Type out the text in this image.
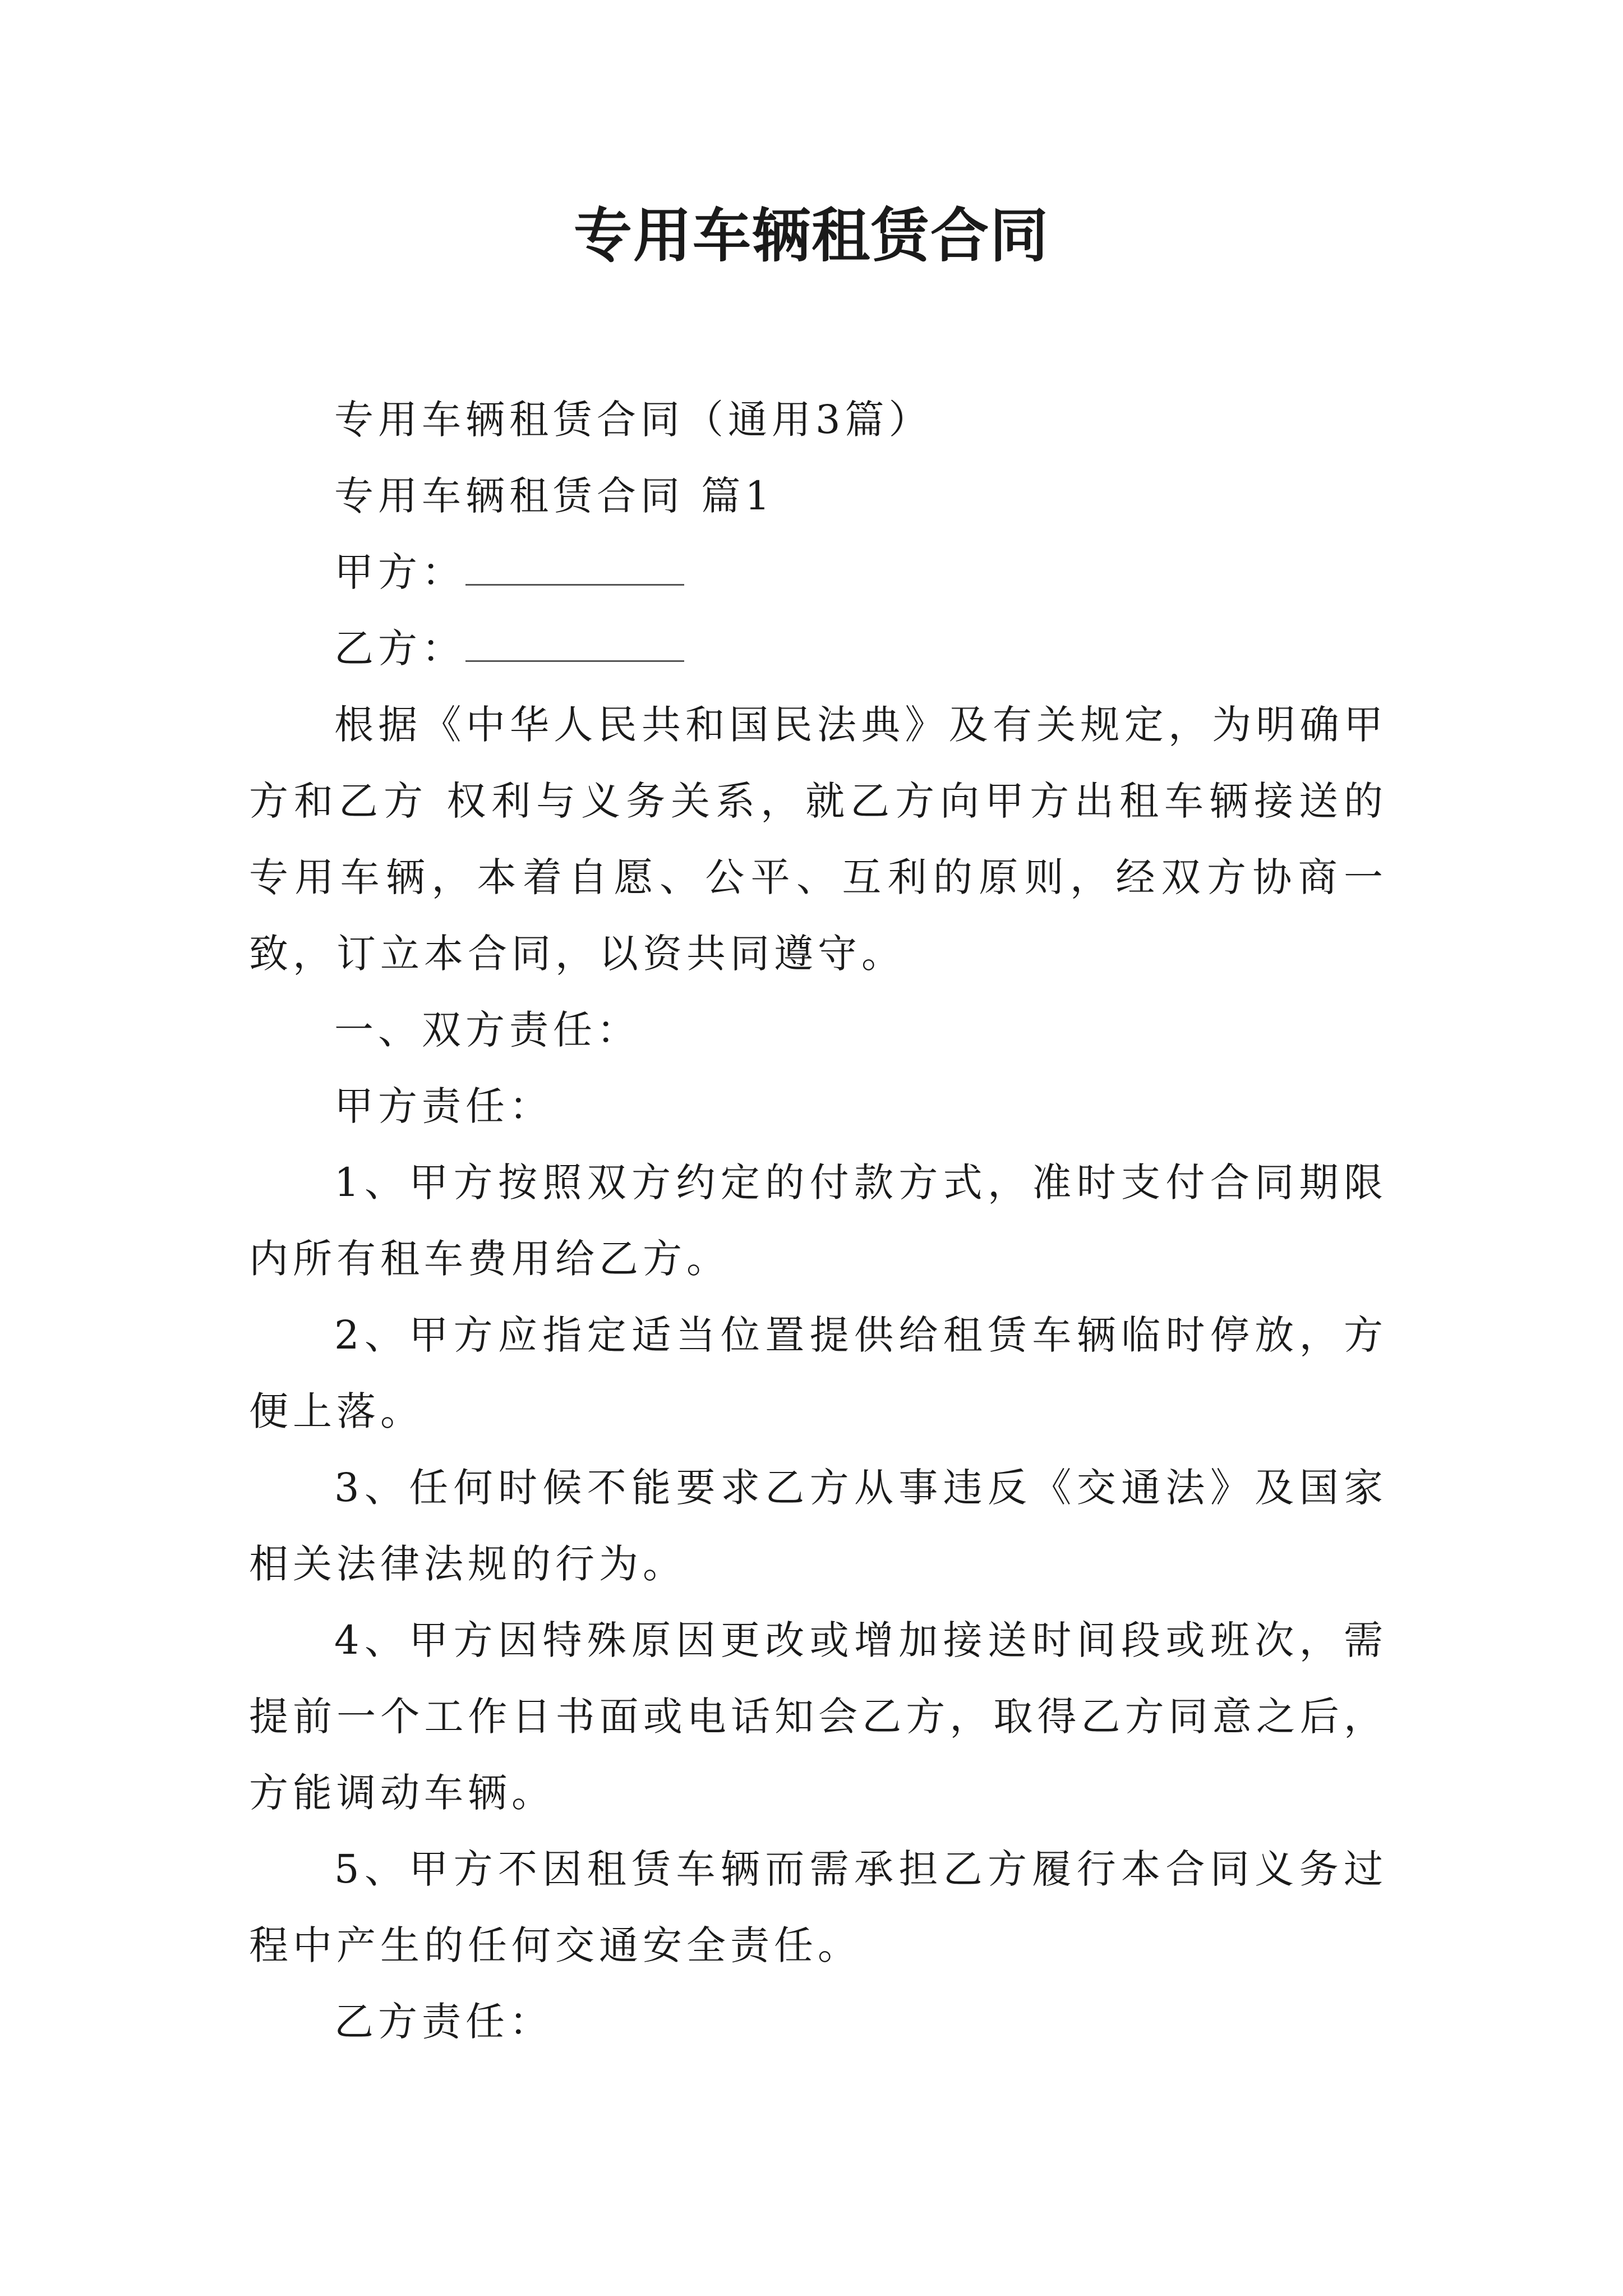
专用车辆租赁合同

专用车辆租赁合同（通用3篇）

专用车辆租赁合同 篇1

甲方：

乙方：

根据《中华人民共和国民法典》及有关规定，为明确甲方和乙方 权利与义务关系，就乙方向甲方出租车辆接送的专用车辆，本着自愿、公平、互利的原则，经双方协商一致，订立本合同，以资共同遵守。

一、双方责任：

甲方责任：

1、甲方按照双方约定的付款方式，准时支付合同期限内所有租车费用给乙方。

2、甲方应指定适当位置提供给租赁车辆临时停放，方便上落。

3、任何时候不能要求乙方从事违反《交通法》及国家相关法律法规的行为。

4、甲方因特殊原因更改或增加接送时间段或班次，需提前一个工作日书面或电话知会乙方，取得乙方同意之后，方能调动车辆。

5、甲方不因租赁车辆而需承担乙方履行本合同义务过程中产生的任何交通安全责任。

乙方责任：
